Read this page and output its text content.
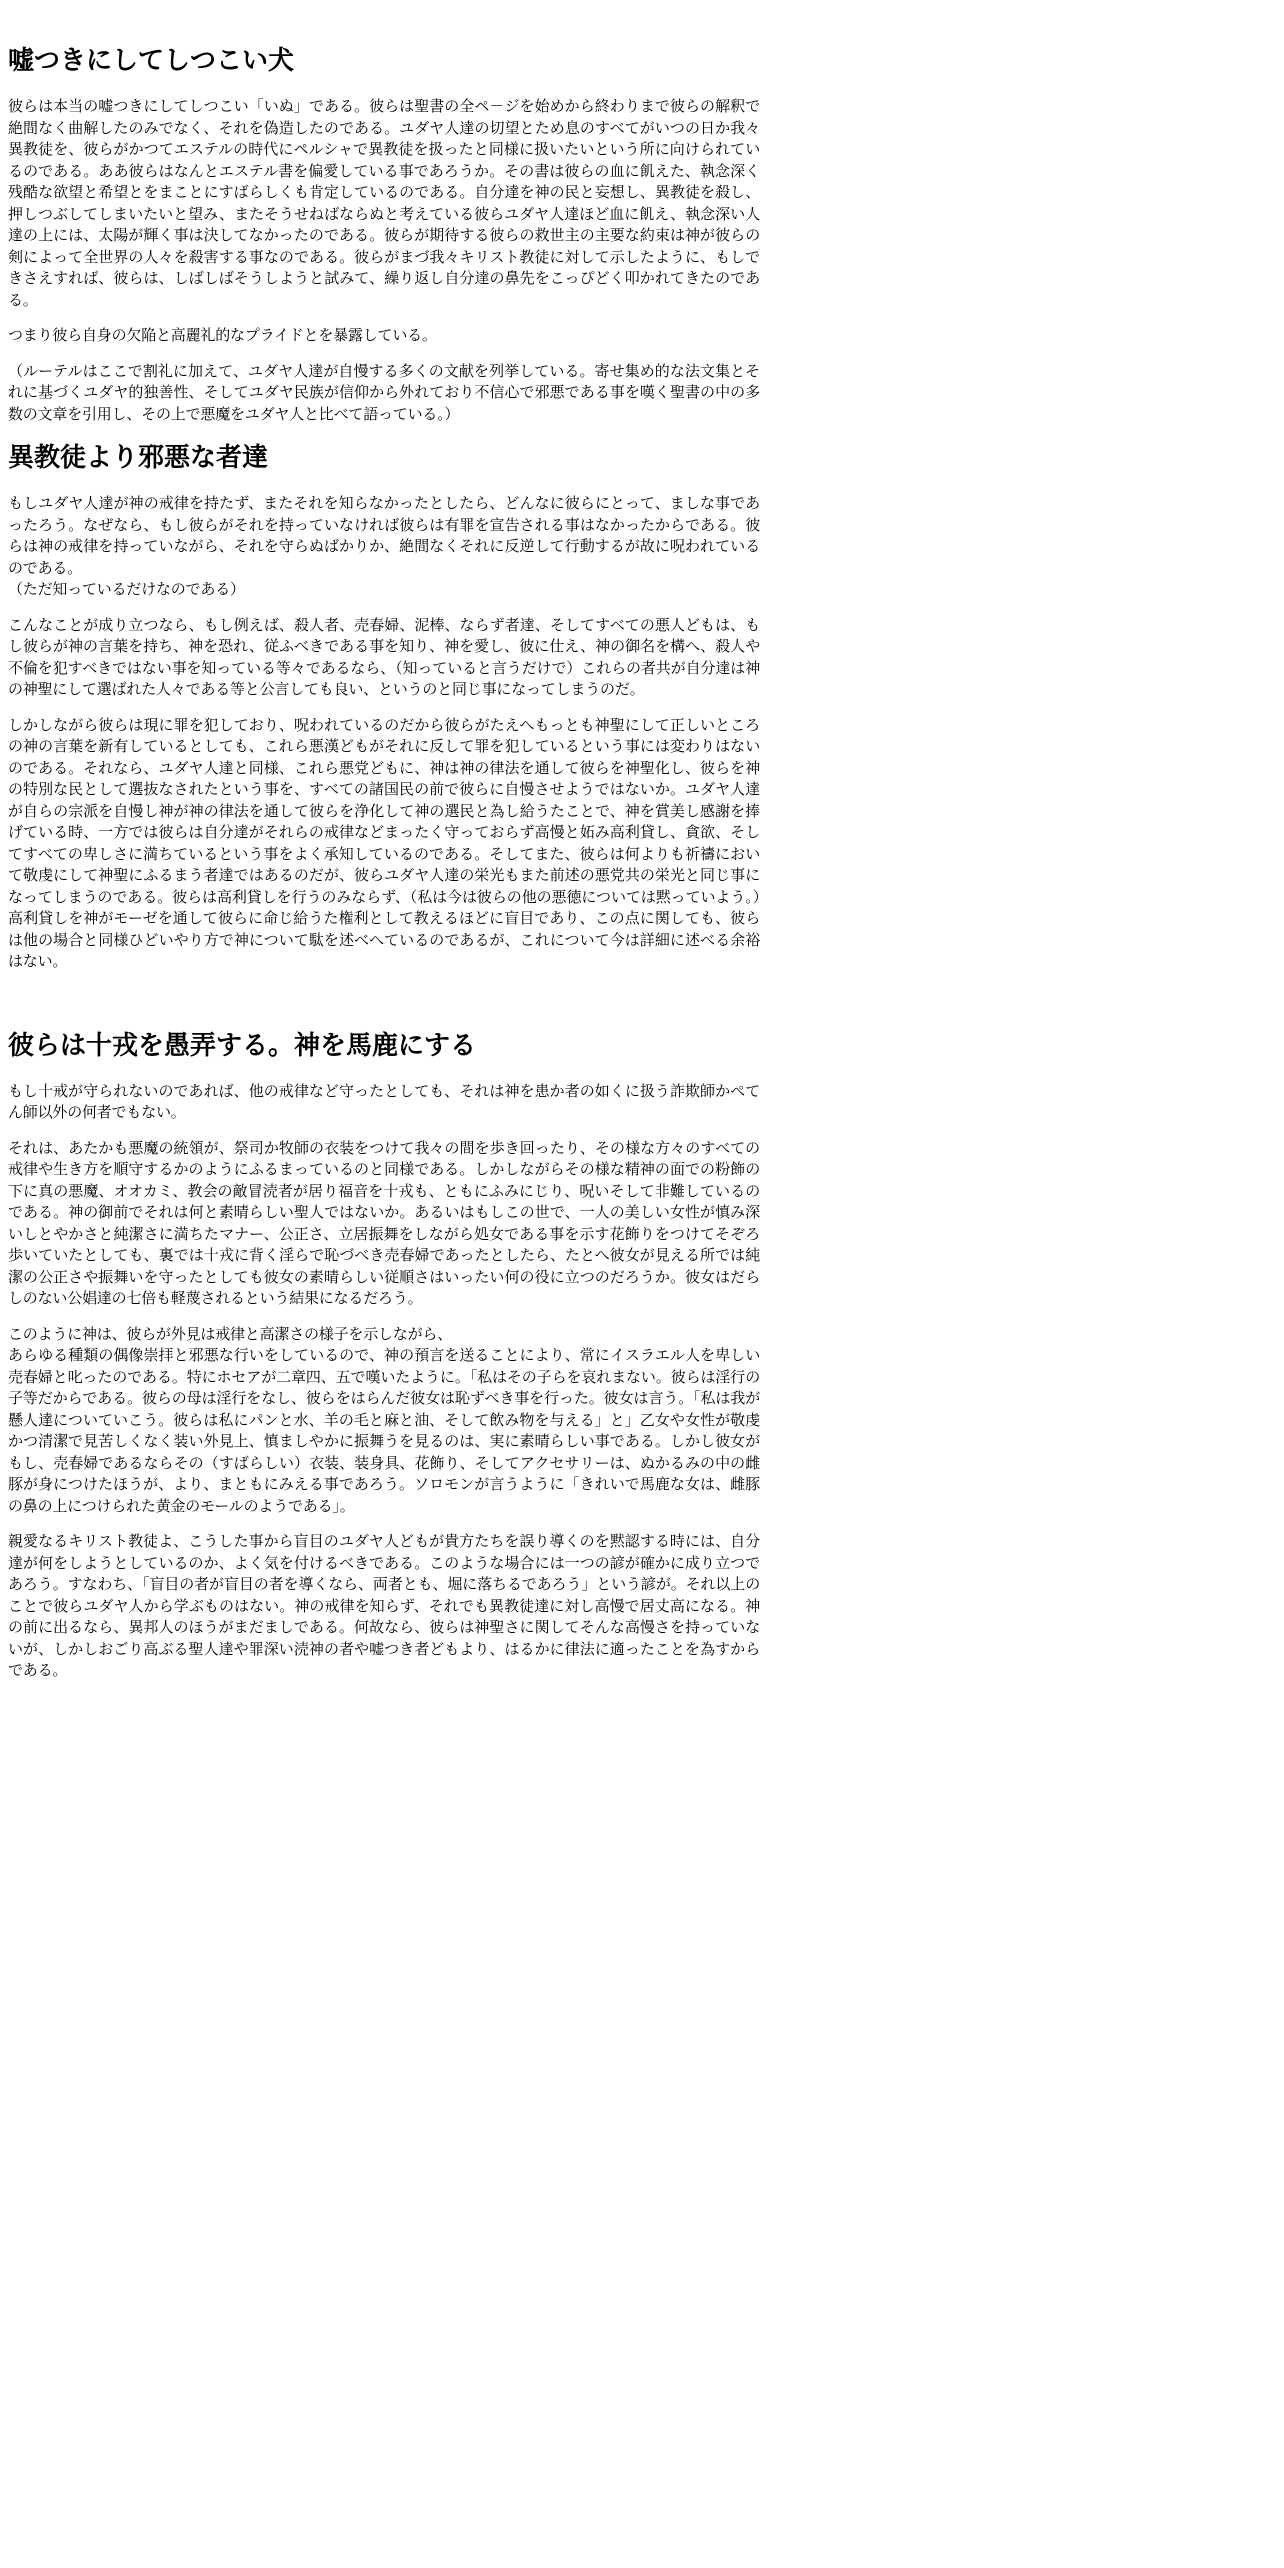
嘘つきにしてしつこい犬

彼らは本当の嘘つきにしてしつこい「いぬ」である。彼らは聖書の全ペ－ジを始めから終わりまで彼らの解釈で絶間なく曲解したのみでなく、それを偽造したのである。ユダヤ人達の切望とため息のすべてがいつの日か我々異教徒を、彼らがかつてエステルの時代にペルシャで異教徒を扱ったと同様に扱いたいという所に向けられているのである。ああ彼らはなんとエステル書を偏愛している事であろうか。その書は彼らの血に飢えた、執念深く残酷な欲望と希望とをまことにすばらしくも肯定しているのである。自分達を神の民と妄想し、異教徒を殺し、押しつぶしてしまいたいと望み、またそうせねばならぬと考えている彼らユダヤ人達ほど血に飢え、執念深い人達の上には、太陽が輝く事は決してなかったのである。彼らが期待する彼らの救世主の主要な約束は神が彼らの剣によって全世界の人々を殺害する事なのである。彼らがまづ我々キリスト教徒に対して示したように、もしできさえすれば、彼らは、しばしばそうしようと試みて、繰り返し自分達の鼻先をこっぴどく叩かれてきたのである。

つまり彼ら自身の欠陥と高麗礼的なプライドとを暴露している。

（ルーテルはここで割礼に加えて、ユダヤ人達が自慢する多くの文献を列挙している。寄せ集め的な法文集とそれに基づくユダヤ的独善性、そしてユダヤ民族が信仰から外れており不信心で邪悪である事を嘆く聖書の中の多数の文章を引用し、その上で悪魔をユダヤ人と比べて語っている。）

異教徒より邪悪な者達

もしユダヤ人達が神の戒律を持たず、またそれを知らなかったとしたら、どんなに彼らにとって、ましな事であったろう。なぜなら、もし彼らがそれを持っていなければ彼らは有罪を宣告される事はなかったからである。彼らは神の戒律を持っていながら、それを守らぬばかりか、絶間なくそれに反逆して行動するが故に呪われているのである。
（ただ知っているだけなのである）

こんなことが成り立つなら、もし例えば、殺人者、売春婦、泥棒、ならず者達、そしてすべての悪人どもは、もし彼らが神の言葉を持ち、神を恐れ、従ふべきである事を知り、神を愛し、彼に仕え、神の御名を構へ、殺人や不倫を犯すべきではない事を知っている等々であるなら、（知っていると言うだけで）これらの者共が自分達は神の神聖にして選ばれた人々である等と公言しても良い、というのと同じ事になってしまうのだ。

しかしながら彼らは現に罪を犯しており、呪われているのだから彼らがたえへもっとも神聖にして正しいところの神の言葉を新有しているとしても、これら悪漢どもがそれに反して罪を犯しているという事には変わりはないのである。それなら、ユダヤ人達と同様、これら悪党どもに、神は神の律法を通して彼らを神聖化し、彼らを神の特別な民として選抜なされたという事を、すべての諸国民の前で彼らに自慢させようではないか。ユダヤ人達が自らの宗派を自慢し神が神の律法を通して彼らを浄化して神の選民と為し給うたことで、神を賞美し感謝を捧げている時、一方では彼らは自分達がそれらの戒律などまったく守っておらず高慢と妬み高利貸し、貪欲、そしてすべての卑しさに満ちているという事をよく承知しているのである。そしてまた、彼らは何よりも祈禱において敬虔にして神聖にふるまう者達ではあるのだが、彼らユダヤ人達の栄光もまた前述の悪党共の栄光と同じ事になってしまうのである。彼らは高利貸しを行うのみならず、（私は今は彼らの他の悪徳については黙っていよう。）高利貸しを神がモーゼを通して彼らに命じ給うた権利として教えるほどに盲目であり、この点に関しても、彼らは他の場合と同様ひどいやり方で神について駄を述べへているのであるが、これについて今は詳細に述べる余裕はない。

彼らは十戎を愚弄する。神を馬鹿にする

もし十戒が守られないのであれば、他の戒律など守ったとしても、それは神を患か者の如くに扱う詐欺師かぺてん師以外の何者でもない。

それは、あたかも悪魔の統領が、祭司か牧師の衣装をつけて我々の間を歩き回ったり、その様な方々のすべての戒律や生き方を順守するかのようにふるまっているのと同様である。しかしながらその様な精神の面での粉飾の下に真の悪魔、オオカミ、教会の敵冒涜者が居り福音を十戎も、ともにふみにじり、呪いそして非難しているのである。神の御前でそれは何と素晴らしい聖人ではないか。あるいはもしこの世で、一人の美しい女性が慎み深いしとやかさと純潔さに満ちたマナー、公正さ、立居振舞をしながら処女である事を示す花飾りをつけてそぞろ歩いていたとしても、裏では十戎に背く淫らで恥づべき売春婦であったとしたら、たとへ彼女が見える所では純潔の公正さや振舞いを守ったとしても彼女の素晴らしい従順さはいったい何の役に立つのだろうか。彼女はだらしのない公娼達の七倍も軽蔑されるという結果になるだろう。

このように神は、彼らが外見は戒律と高潔さの様子を示しながら、
あらゆる種類の偶像崇拝と邪悪な行いをしているので、神の預言を送ることにより、常にイスラエル人を卑しい売春婦と叱ったのである。特にホセアが二章四、五で嘆いたように。「私はその子らを哀れまない。彼らは淫行の子等だからである。彼らの母は淫行をなし、彼らをはらんだ彼女は恥ずべき事を行った。彼女は言う。「私は我が懸人達についていこう。彼らは私にパンと水、羊の毛と麻と油、そして飲み物を与える」と」乙女や女性が敬虔かつ清潔で見苦しくなく装い外見上、慎ましやかに振舞うを見るのは、実に素晴らしい事である。しかし彼女がもし、売春婦であるならその（すばらしい）衣装、装身具、花飾り、そしてアクセサリーは、ぬかるみの中の雌豚が身につけたほうが、より、まともにみえる事であろう。ソロモンが言うように「きれいで馬鹿な女は、雌豚の鼻の上につけられた黄金のモールのようである」。

親愛なるキリスト教徒よ、こうした事から盲目のユダヤ人どもが貴方たちを誤り導くのを黙認する時には、自分達が何をしようとしているのか、よく気を付けるべきである。このような場合には一つの諺が確かに成り立つであろう。すなわち、「盲目の者が盲目の者を導くなら、両者とも、堀に落ちるであろう」という諺が。それ以上のことで彼らユダヤ人から学ぶものはない。神の戒律を知らず、それでも異教徒達に対し高慢で居丈高になる。神の前に出るなら、異邦人のほうがまだましである。何故なら、彼らは神聖さに関してそんな高慢さを持っていないが、しかしおごり高ぶる聖人達や罪深い涜神の者や嘘つき者どもより、はるかに律法に適ったことを為すからである。
